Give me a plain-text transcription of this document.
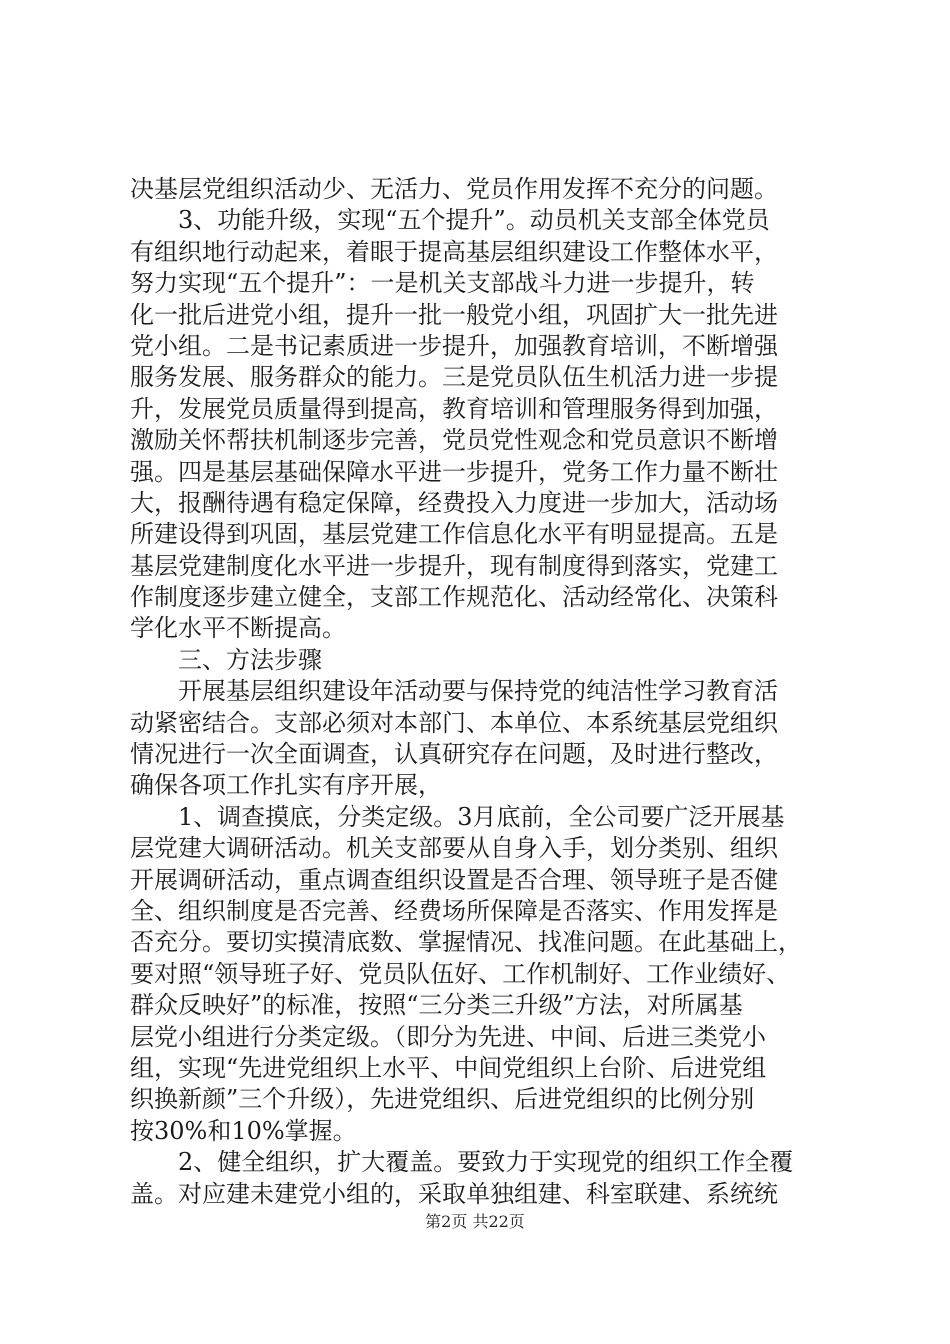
决基层党组织活动少、无活力、党员作用发挥不充分的问题。
　　3、功能升级，实现“五个提升”。动员机关支部全体党员
有组织地行动起来，着眼于提高基层组织建设工作整体水平，
努力实现“五个提升”：一是机关支部战斗力进一步提升，转
化一批后进党小组，提升一批一般党小组，巩固扩大一批先进
党小组。二是书记素质进一步提升，加强教育培训，不断增强
服务发展、服务群众的能力。三是党员队伍生机活力进一步提
升，发展党员质量得到提高，教育培训和管理服务得到加强，
激励关怀帮扶机制逐步完善，党员党性观念和党员意识不断增
强。四是基层基础保障水平进一步提升，党务工作力量不断壮
大，报酬待遇有稳定保障，经费投入力度进一步加大，活动场
所建设得到巩固，基层党建工作信息化水平有明显提高。五是
基层党建制度化水平进一步提升，现有制度得到落实，党建工
作制度逐步建立健全，支部工作规范化、活动经常化、决策科
学化水平不断提高。
　　三、方法步骤
　　开展基层组织建设年活动要与保持党的纯洁性学习教育活
动紧密结合。支部必须对本部门、本单位、本系统基层党组织
情况进行一次全面调查，认真研究存在问题，及时进行整改，
确保各项工作扎实有序开展，
　　1、调查摸底，分类定级。3月底前，全公司要广泛开展基
层党建大调研活动。机关支部要从自身入手，划分类别、组织
开展调研活动，重点调查组织设置是否合理、领导班子是否健
全、组织制度是否完善、经费场所保障是否落实、作用发挥是
否充分。要切实摸清底数、掌握情况、找准问题。在此基础上，
要对照“领导班子好、党员队伍好、工作机制好、工作业绩好、
群众反映好”的标准，按照“三分类三升级”方法，对所属基
层党小组进行分类定级。（即分为先进、中间、后进三类党小
组，实现“先进党组织上水平、中间党组织上台阶、后进党组
织换新颜”三个升级），先进党组织、后进党组织的比例分别
按30%和10%掌握。
　　2、健全组织，扩大覆盖。要致力于实现党的组织工作全覆
盖。对应建未建党小组的，采取单独组建、科室联建、系统统
第2页 共22页
